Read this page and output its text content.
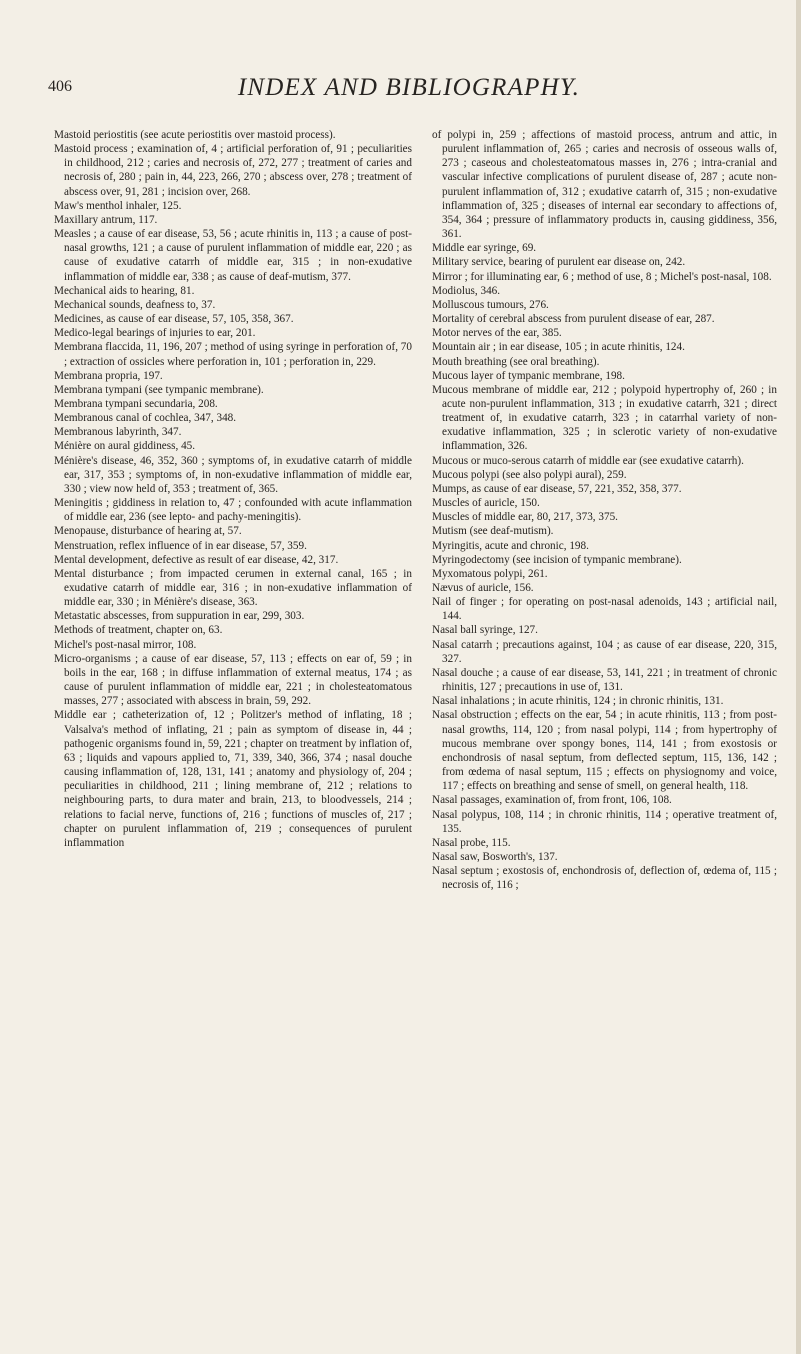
406	INDEX AND BIBLIOGRAPHY.

Mastoid periostitis (see acute periostitis over mastoid process).

Mastoid process ; examination of, 4 ; artificial perforation of, 91 ; peculiarities in childhood, 212 ; caries and necrosis of, 272, 277 ; treatment of caries and necrosis of, 280 ; pain in, 44, 223, 266, 270 ; abscess over, 278 ; treatment of abscess over, 91, 281 ; incision over, 268.

Maw's menthol inhaler, 125.

Maxillary antrum, 117.

Measles ; a cause of ear disease, 53, 56 ; acute rhinitis in, 113 ; a cause of post-nasal growths, 121 ; a cause of purulent inflammation of middle ear, 220 ; as cause of exudative catarrh of middle ear, 315 ; in non-exudative inflammation of middle ear, 338 ; as cause of deaf-mutism, 377.

Mechanical aids to hearing, 81.

Mechanical sounds, deafness to, 37.

Medicines, as cause of ear disease, 57, 105, 358, 367.

Medico-legal bearings of injuries to ear, 201.

Membrana flaccida, 11, 196, 207 ; method of using syringe in perforation of, 70 ; extraction of ossicles where perforation in, 101 ; perforation in, 229.

Membrana propria, 197.

Membrana tympani (see tympanic membrane).

Membrana tympani secundaria, 208.

Membranous canal of cochlea, 347, 348.

Membranous labyrinth, 347.

Ménière on aural giddiness, 45.

Ménière's disease, 46, 352, 360 ; symptoms of, in exudative catarrh of middle ear, 317, 353 ; symptoms of, in non-exudative inflammation of middle ear, 330 ; view now held of, 353 ; treatment of, 365.

Meningitis ; giddiness in relation to, 47 ; confounded with acute inflammation of middle ear, 236 (see lepto- and pachy-meningitis).

Menopause, disturbance of hearing at, 57.

Menstruation, reflex influence of in ear disease, 57, 359.

Mental development, defective as result of ear disease, 42, 317.

Mental disturbance ; from impacted cerumen in external canal, 165 ; in exudative catarrh of middle ear, 316 ; in non-exudative inflammation of middle ear, 330 ; in Ménière's disease, 363.

Metastatic abscesses, from suppuration in ear, 299, 303.

Methods of treatment, chapter on, 63.

Michel's post-nasal mirror, 108.

Micro-organisms ; a cause of ear disease, 57, 113 ; effects on ear of, 59 ; in boils in the ear, 168 ; in diffuse inflammation of external meatus, 174 ; as cause of purulent inflammation of middle ear, 221 ; in cholesteatomatous masses, 277 ; associated with abscess in brain, 59, 292.

Middle ear ; catheterization of, 12 ; Politzer's method of inflating, 18 ; Valsalva's method of inflating, 21 ; pain as symptom of disease in, 44 ; pathogenic organisms found in, 59, 221 ; chapter on treatment by inflation of, 63 ; liquids and vapours applied to, 71, 339, 340, 366, 374 ; nasal douche causing inflammation of, 128, 131, 141 ; anatomy and physiology of, 204 ; peculiarities in childhood, 211 ; lining membrane of, 212 ; relations to neighbouring parts, to dura mater and brain, 213, to bloodvessels, 214 ; relations to facial nerve, functions of, 216 ; functions of muscles of, 217 ; chapter on purulent inflammation of, 219 ; consequences of purulent inflammation

of polypi in, 259 ; affections of mastoid process, antrum and attic, in purulent inflammation of, 265 ; caries and necrosis of osseous walls of, 273 ; caseous and cholesteatomatous masses in, 276 ; intra-cranial and vascular infective complications of purulent disease of, 287 ; acute non-purulent inflammation of, 312 ; exudative catarrh of, 315 ; non-exudative inflammation of, 325 ; diseases of internal ear secondary to affections of, 354, 364 ; pressure of inflammatory products in, causing giddiness, 356, 361.

Middle ear syringe, 69.

Military service, bearing of purulent ear disease on, 242.

Mirror ; for illuminating ear, 6 ; method of use, 8 ; Michel's post-nasal, 108.

Modiolus, 346.

Molluscous tumours, 276.

Mortality of cerebral abscess from purulent disease of ear, 287.

Motor nerves of the ear, 385.

Mountain air ; in ear disease, 105 ; in acute rhinitis, 124.

Mouth breathing (see oral breathing).

Mucous layer of tympanic membrane, 198.

Mucous membrane of middle ear, 212 ; polypoid hypertrophy of, 260 ; in acute non-purulent inflammation, 313 ; in exudative catarrh, 321 ; direct treatment of, in exudative catarrh, 323 ; in catarrhal variety of non-exudative inflammation, 325 ; in sclerotic variety of non-exudative inflammation, 326.

Mucous or muco-serous catarrh of middle ear (see exudative catarrh).

Mucous polypi (see also polypi aural), 259.

Mumps, as cause of ear disease, 57, 221, 352, 358, 377.

Muscles of auricle, 150.

Muscles of middle ear, 80, 217, 373, 375.

Mutism (see deaf-mutism).

Myringitis, acute and chronic, 198.

Myringodectomy (see incision of tympanic membrane).

Myxomatous polypi, 261.

Nævus of auricle, 156.

Nail of finger ; for operating on post-nasal adenoids, 143 ; artificial nail, 144.

Nasal ball syringe, 127.

Nasal catarrh ; precautions against, 104 ; as cause of ear disease, 220, 315, 327.

Nasal douche ; a cause of ear disease, 53, 141, 221 ; in treatment of chronic rhinitis, 127 ; precautions in use of, 131.

Nasal inhalations ; in acute rhinitis, 124 ; in chronic rhinitis, 131.

Nasal obstruction ; effects on the ear, 54 ; in acute rhinitis, 113 ; from post-nasal growths, 114, 120 ; from nasal polypi, 114 ; from hypertrophy of mucous membrane over spongy bones, 114, 141 ; from exostosis or enchondrosis of nasal septum, from deflected septum, 115, 136, 142 ; from œdema of nasal septum, 115 ; effects on physiognomy and voice, 117 ; effects on breathing and sense of smell, on general health, 118.

Nasal passages, examination of, from front, 106, 108.

Nasal polypus, 108, 114 ; in chronic rhinitis, 114 ; operative treatment of, 135.

Nasal probe, 115.

Nasal saw, Bosworth's, 137.

Nasal septum ; exostosis of, enchondrosis of, deflection of, œdema of, 115 ; necrosis of, 116 ;
